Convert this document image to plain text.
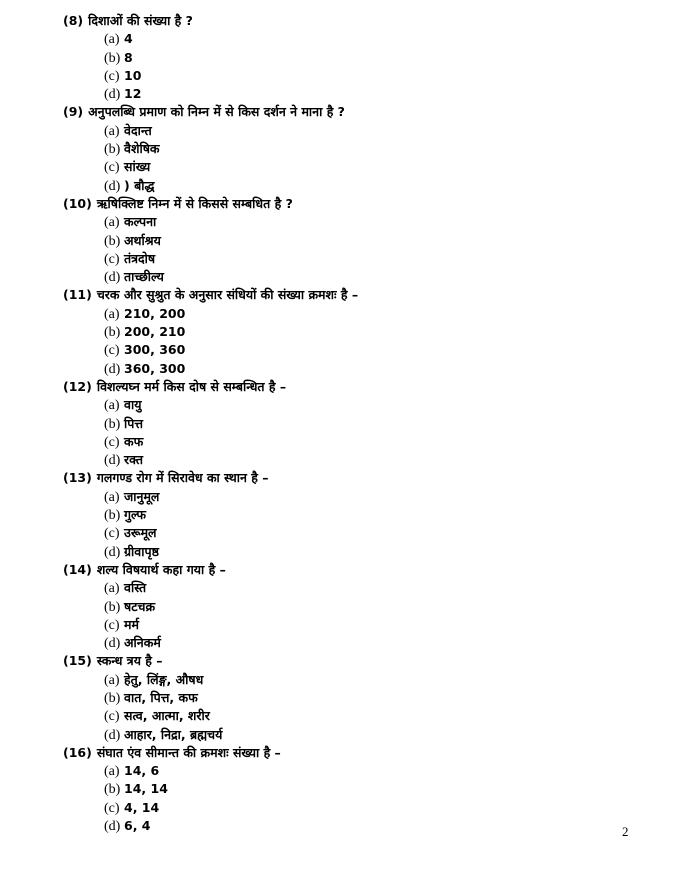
(8) दिशाओं की संख्या है ?
(a) 4
(b) 8
(c) 10
(d) 12
(9) अनुपलब्धि प्रमाण को निम्न में से किस दर्शन ने माना है ?
(a) वेदान्त
(b) वैशेषिक
(c) सांख्य
(d) ) बौद्ध
(10) ऋषिक्लिष्ट निम्न में से किससे सम्बधित है ?
(a) कल्पना
(b) अर्थाश्रय
(c) तंत्रदोष
(d) ताच्छील्य
(11) चरक और सुश्रुत के अनुसार संधियों की संख्या क्रमशः है –
(a) 210, 200
(b) 200, 210
(c) 300, 360
(d) 360, 300
(12) विशल्यघ्न मर्म किस दोष से सम्बन्धित है –
(a) वायु
(b) पित्त
(c) कफ
(d) रक्त
(13) गलगण्ड रोग में सिरावेध का स्थान है –
(a) जानुमूल
(b) गुल्फ
(c) उरूमूल
(d) ग्रीवापृष्ठ
(14) शल्य विषयार्थ कहा गया है –
(a) वस्ति
(b) षटचक्र
(c) मर्म
(d) अनिकर्म
(15) स्कन्ध त्रय है –
(a) हेतु, लिंङ्ग, औषध
(b) वात, पित्त, कफ
(c) सत्व, आत्मा, शरीर
(d) आहार, निद्रा, ब्रह्मचर्य
(16) संघात एंव सीमान्त की क्रमशः संख्या है –
(a) 14, 6
(b) 14, 14
(c) 4, 14
(d) 6, 4	2
